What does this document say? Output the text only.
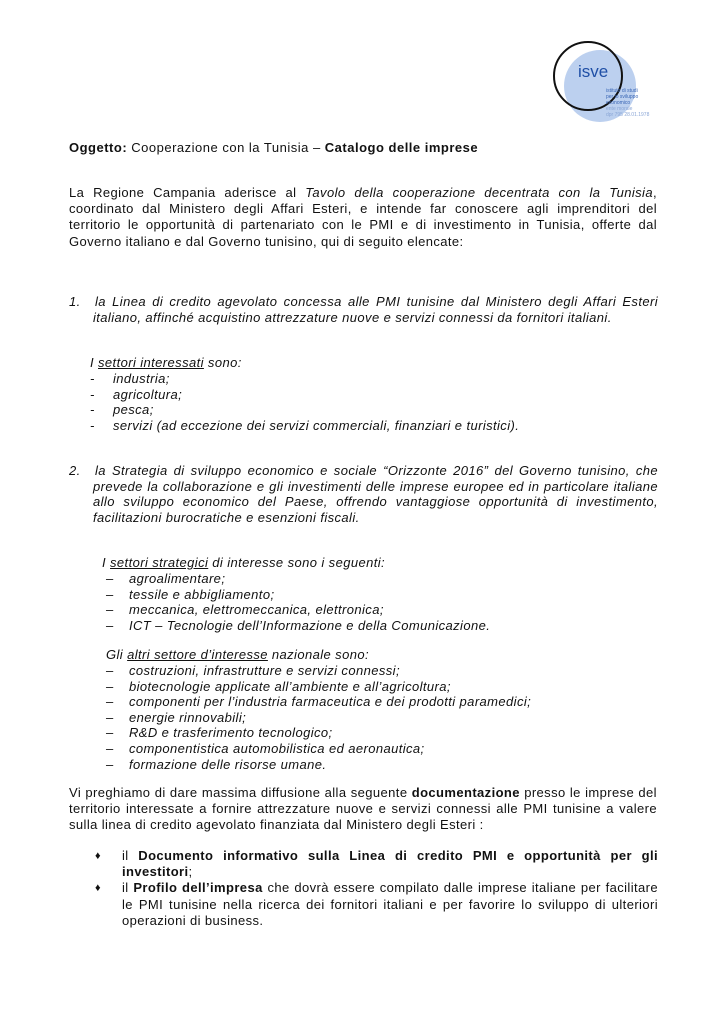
isve
istituto di studi
per lo sviluppo
economico
ente morale
dpr 795 28.01.1978
Oggetto: Cooperazione con la Tunisia – Catalogo delle imprese
La Regione Campania aderisce al Tavolo della cooperazione decentrata con la Tunisia, coordinato dal Ministero degli Affari Esteri, e intende far conoscere agli imprenditori del territorio le opportunità di partenariato con le PMI e di investimento in Tunisia, offerte dal Governo italiano e dal Governo tunisino, qui di seguito elencate:
1. la Linea di credito agevolato concessa alle PMI tunisine dal Ministero degli Affari Esteri italiano, affinché acquistino attrezzature nuove e servizi connessi da fornitori italiani.
I settori interessati sono:
- industria;
- agricoltura;
- pesca;
- servizi (ad eccezione dei servizi commerciali, finanziari e turistici).
2. la Strategia di sviluppo economico e sociale “Orizzonte 2016” del Governo tunisino, che prevede la collaborazione e gli investimenti delle imprese europee ed in particolare italiane allo sviluppo economico del Paese, offrendo vantaggiose opportunità di investimento, facilitazioni burocratiche e esenzioni fiscali.
I settori strategici di interesse sono i seguenti:
– agroalimentare;
– tessile e abbigliamento;
– meccanica, elettromeccanica, elettronica;
– ICT – Tecnologie dell’Informazione e della Comunicazione.
Gli altri settore d’interesse nazionale sono:
– costruzioni, infrastrutture e servizi connessi;
– biotecnologie applicate all’ambiente e all’agricoltura;
– componenti per l’industria farmaceutica e dei prodotti paramedici;
– energie rinnovabili;
– R&D e trasferimento tecnologico;
– componentistica automobilistica ed aeronautica;
– formazione delle risorse umane.
Vi preghiamo di dare massima diffusione alla seguente documentazione presso le imprese del territorio interessate a fornire attrezzature nuove e servizi connessi alle PMI tunisine a valere sulla linea di credito agevolato finanziata dal Ministero degli Esteri :
♦ il Documento informativo sulla Linea di credito PMI e opportunità per gli investitori;
♦ il Profilo dell’impresa che dovrà essere compilato dalle imprese italiane per facilitare le PMI tunisine nella ricerca dei fornitori italiani e per favorire lo sviluppo di ulteriori operazioni di business.
